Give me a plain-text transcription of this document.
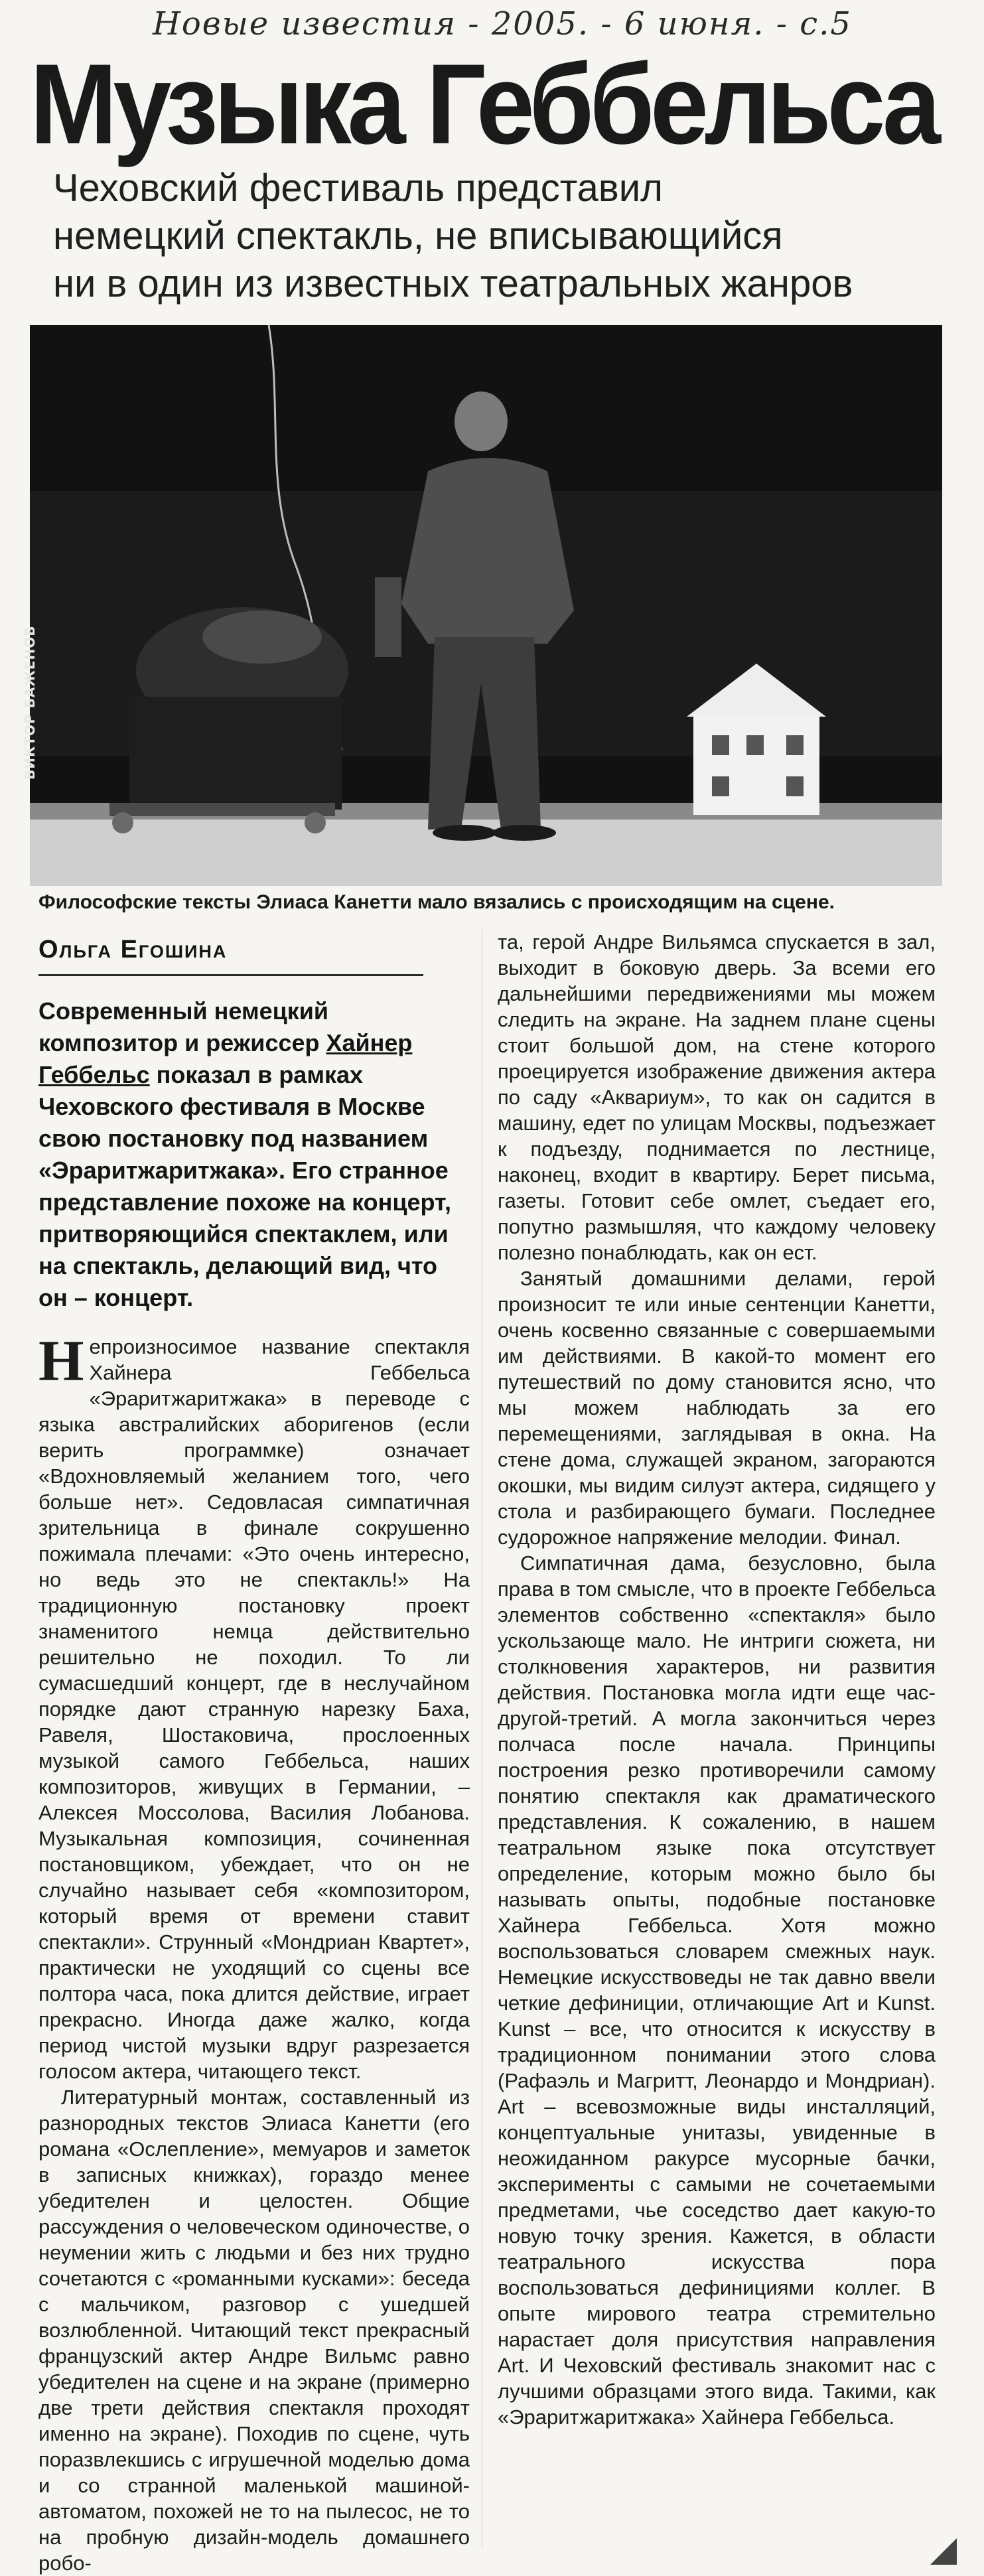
Новые известия - 2005. - 6 июня. - с.5
Музыка Геббельса
Чеховский фестиваль представил
немецкий спектакль, не вписывающийся
ни в один из известных театральных жанров
ВИКТОР БАЖЕНОВ
Философские тексты Элиаса Канетти мало вязались с происходящим на сцене.
Ольга Егошина
Современный немецкий композитор и режиссер Хайнер Геббельс показал в рамках Чеховского фестиваля в Москве свою постановку под названием «Эраритжаритжака». Его странное представление похоже на концерт, притворяющийся спектаклем, или на спектакль, делающий вид, что он – концерт.

Непроизносимое название спектакля Хайнера Геббельса «Эраритжаритжака» в переводе с языка австралийских аборигенов (если верить программке) означает «Вдохновляемый желанием того, чего больше нет». Седовласая симпатичная зрительница в финале сокрушенно пожимала плечами: «Это очень интересно, но ведь это не спектакль!» На традиционную постановку проект знаменитого немца действительно решительно не походил. То ли сумасшедший концерт, где в неслучайном порядке дают странную нарезку Баха, Равеля, Шостаковича, прослоенных музыкой самого Геббельса, наших композиторов, живущих в Германии, – Алексея Моссолова, Василия Лобанова. Музыкальная композиция, сочиненная постановщиком, убеждает, что он не случайно называет себя «композитором, который время от времени ставит спектакли». Струнный «Мондриан Квартет», практически не уходящий со сцены все полтора часа, пока длится действие, играет прекрасно. Иногда даже жалко, когда период чистой музыки вдруг разрезается голосом актера, читающего текст.

Литературный монтаж, составленный из разнородных текстов Элиаса Канетти (его романа «Ослепление», мемуаров и заметок в записных книжках), гораздо менее убедителен и целостен. Общие рассуждения о человеческом одиночестве, о неумении жить с людьми и без них трудно сочетаются с «романными кусками»: беседа с мальчиком, разговор с ушедшей возлюбленной. Читающий текст прекрасный французский актер Андре Вильмс равно убедителен на сцене и на экране (примерно две трети действия спектакля проходят именно на экране). Походив по сцене, чуть поразвлекшись с игрушечной моделью дома и со странной маленькой машиной-автоматом, похожей не то на пылесос, не то на пробную дизайн-модель домашнего робо-

та, герой Андре Вильямса спускается в зал, выходит в боковую дверь. За всеми его дальнейшими передвижениями мы можем следить на экране. На заднем плане сцены стоит большой дом, на стене которого проецируется изображение движения актера по саду «Аквариум», то как он садится в машину, едет по улицам Москвы, подъезжает к подъезду, поднимается по лестнице, наконец, входит в квартиру. Берет письма, газеты. Готовит себе омлет, съедает его, попутно размышляя, что каждому человеку полезно понаблюдать, как он ест.

Занятый домашними делами, герой произносит те или иные сентенции Канетти, очень косвенно связанные с совершаемыми им действиями. В какой-то момент его путешествий по дому становится ясно, что мы можем наблюдать за его перемещениями, заглядывая в окна. На стене дома, служащей экраном, загораются окошки, мы видим силуэт актера, сидящего у стола и разбирающего бумаги. Последнее судорожное напряжение мелодии. Финал.

Симпатичная дама, безусловно, была права в том смысле, что в проекте Геббельса элементов собственно «спектакля» было ускользающе мало. Не интриги сюжета, ни столкновения характеров, ни развития действия. Постановка могла идти еще час-другой-третий. А могла закончиться через полчаса после начала. Принципы построения резко противоречили самому понятию спектакля как драматического представления. К сожалению, в нашем театральном языке пока отсутствует определение, которым можно было бы называть опыты, подобные постановке Хайнера Геббельса. Хотя можно воспользоваться словарем смежных наук. Немецкие искусствоведы не так давно ввели четкие дефиниции, отличающие Art и Kunst. Kunst – все, что относится к искусству в традиционном понимании этого слова (Рафаэль и Магритт, Леонардо и Мондриан). Art – всевозможные виды инсталляций, концептуальные унитазы, увиденные в неожиданном ракурсе мусорные бачки, эксперименты с самыми не сочетаемыми предметами, чье соседство дает какую-то новую точку зрения. Кажется, в области театрального искусства пора воспользоваться дефинициями коллег. В опыте мирового театра стремительно нарастает доля присутствия направления Art. И Чеховский фестиваль знакомит нас с лучшими образцами этого вида. Такими, как «Эраритжаритжака» Хайнера Геббельса.
